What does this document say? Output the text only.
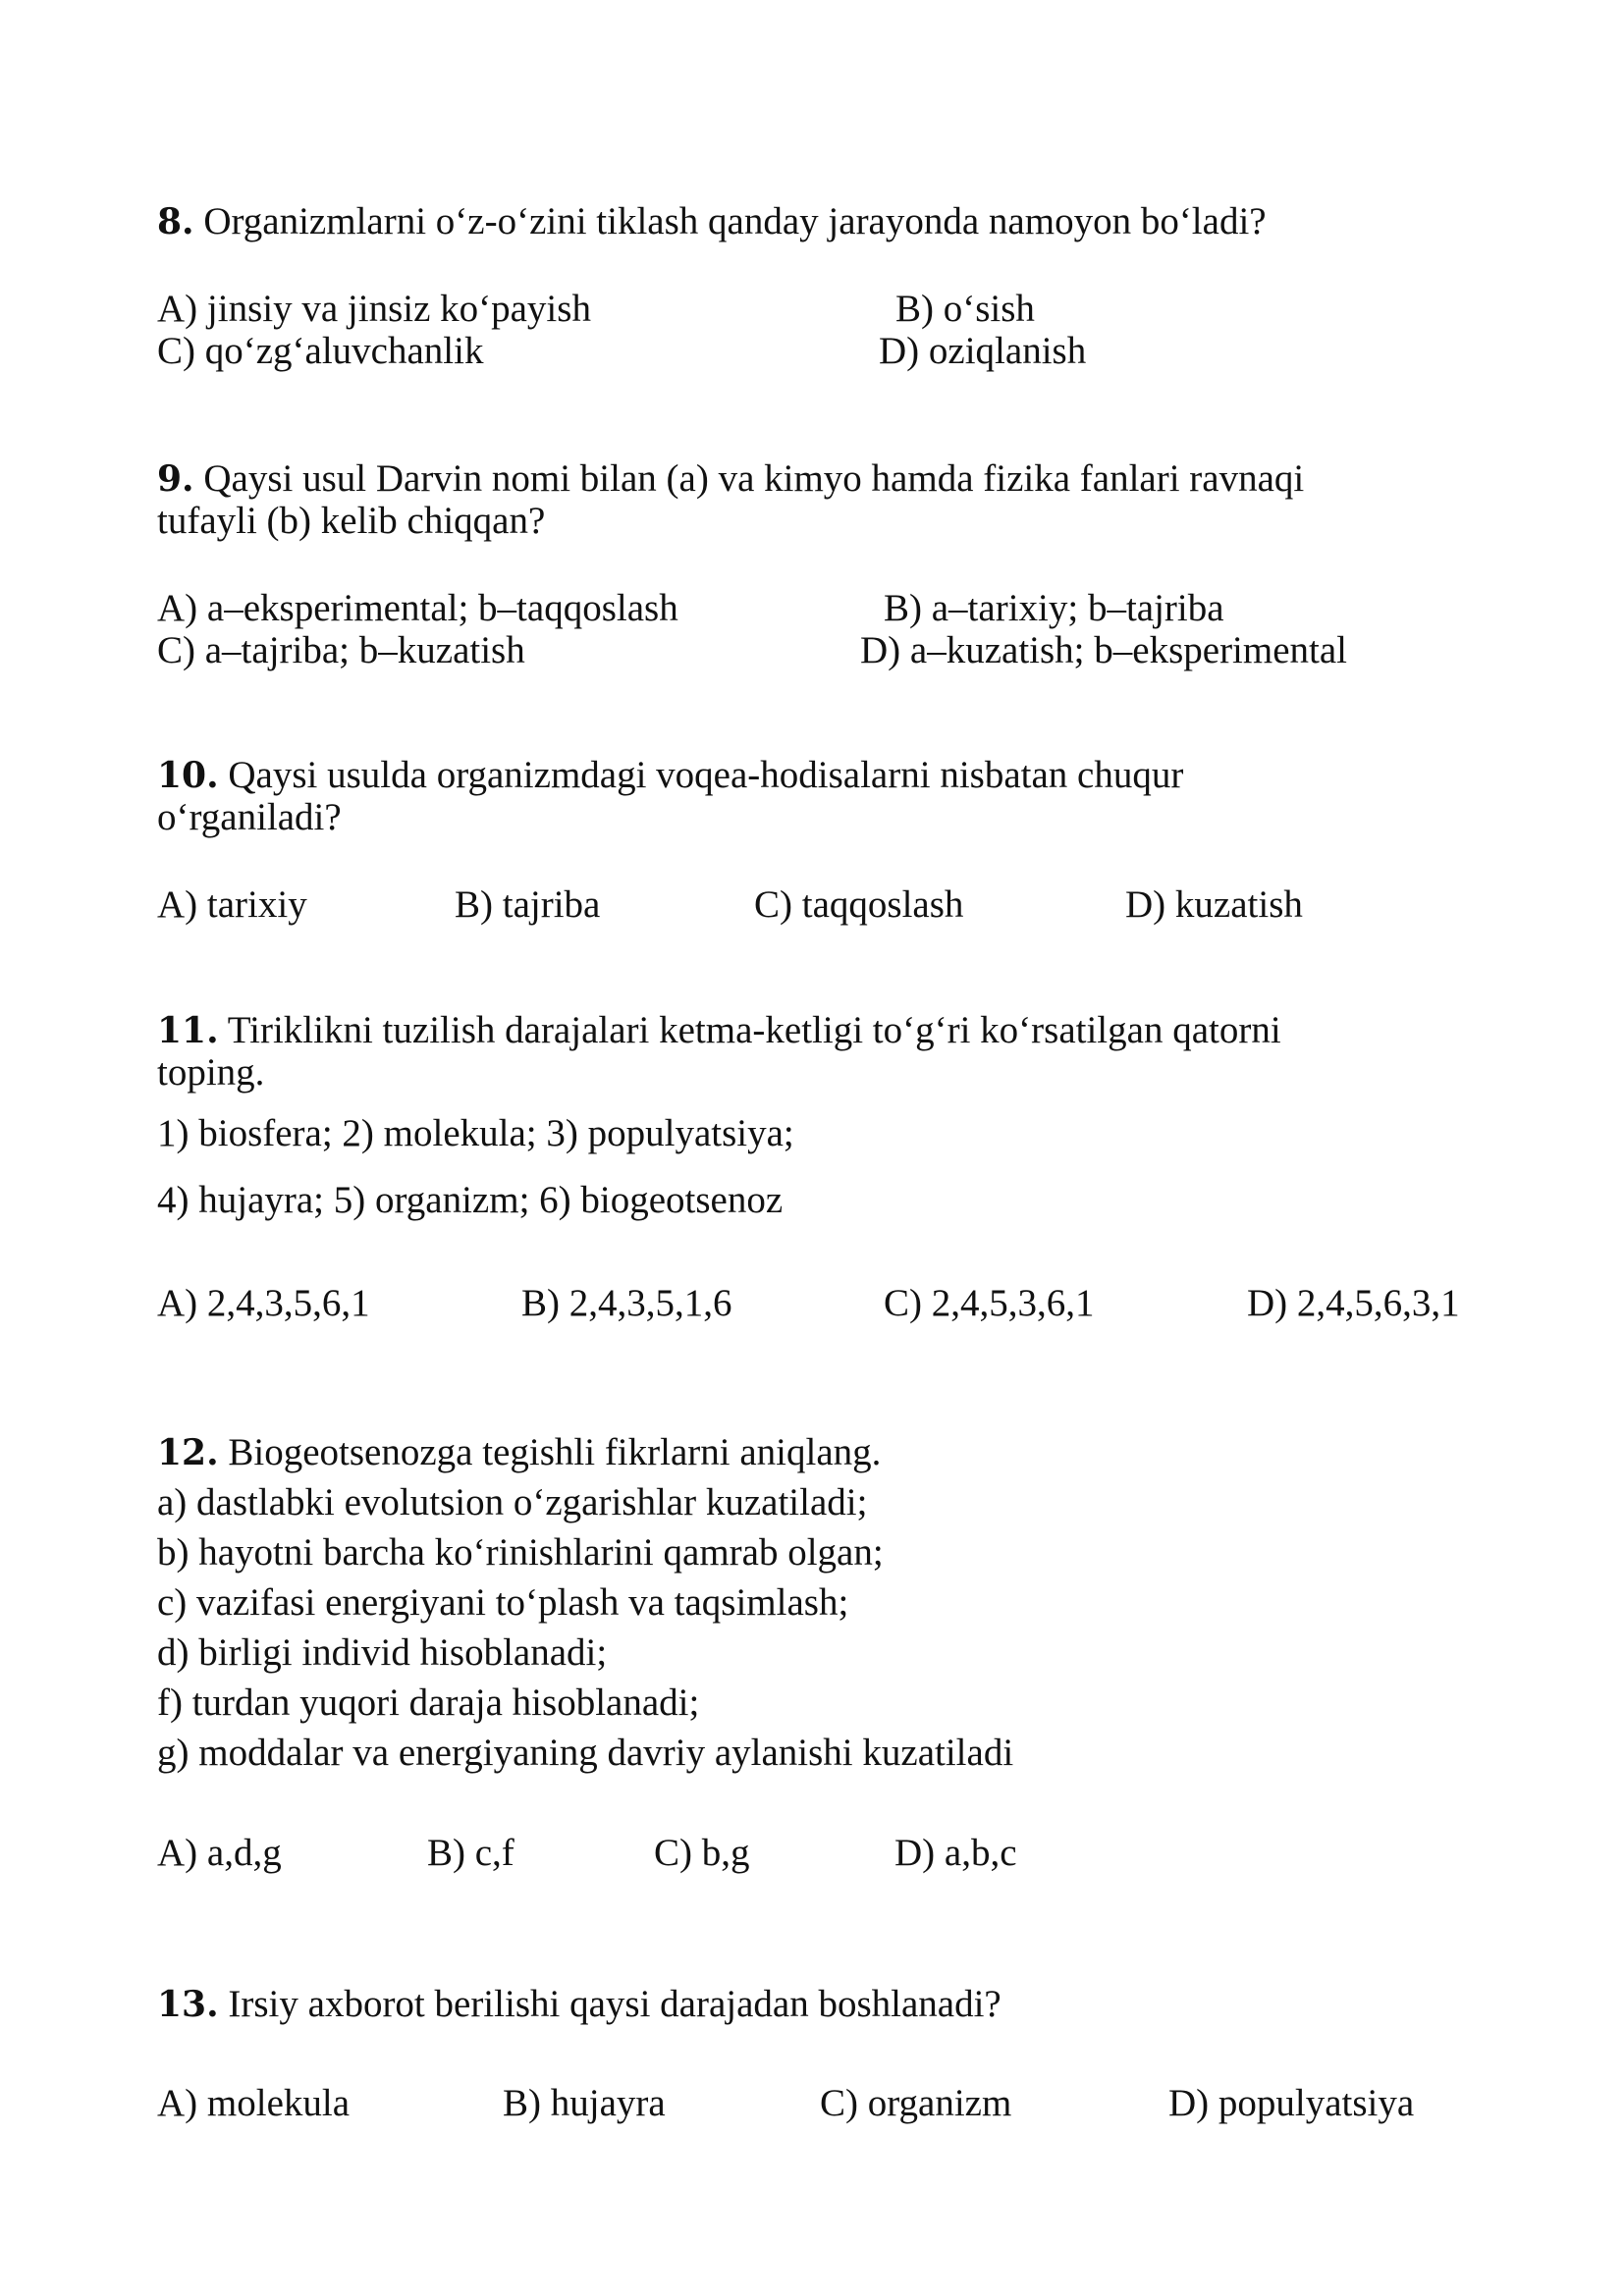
8. Organizmlarni o‘z-o‘zini tiklash qanday jarayonda namoyon bo‘ladi?

A) jinsiy va jinsiz ko‘payish	B) o‘sish

C) qo‘zg‘aluvchanlik	D) oziqlanish

9. Qaysi usul Darvin nomi bilan (a) va kimyo hamda fizika fanlari ravnaqi

tufayli (b) kelib chiqqan?

A) a–eksperimental; b–taqqoslash	B) a–tarixiy; b–tajriba

C) a–tajriba; b–kuzatish	D) a–kuzatish; b–eksperimental

10. Qaysi usulda organizmdagi voqea-hodisalarni nisbatan chuqur

o‘rganiladi?

A) tarixiy	B) tajriba	C) taqqoslash	D) kuzatish

11. Tiriklikni tuzilish darajalari ketma-ketligi to‘g‘ri ko‘rsatilgan qatorni

toping.

1) biosfera; 2) molekula; 3) populyatsiya;

4) hujayra; 5) organizm; 6) biogeotsenoz

A) 2,4,3,5,6,1	B) 2,4,3,5,1,6	C) 2,4,5,3,6,1	D) 2,4,5,6,3,1

12. Biogeotsenozga tegishli fikrlarni aniqlang.

a) dastlabki evolutsion o‘zgarishlar kuzatiladi;

b) hayotni barcha ko‘rinishlarini qamrab olgan;

c) vazifasi energiyani to‘plash va taqsimlash;

d) birligi individ hisoblanadi;

f) turdan yuqori daraja hisoblanadi;

g) moddalar va energiyaning davriy aylanishi kuzatiladi

A) a,d,g	B) c,f	C) b,g	D) a,b,c

13. Irsiy axborot berilishi qaysi darajadan boshlanadi?

A) molekula	B) hujayra	C) organizm	D) populyatsiya
